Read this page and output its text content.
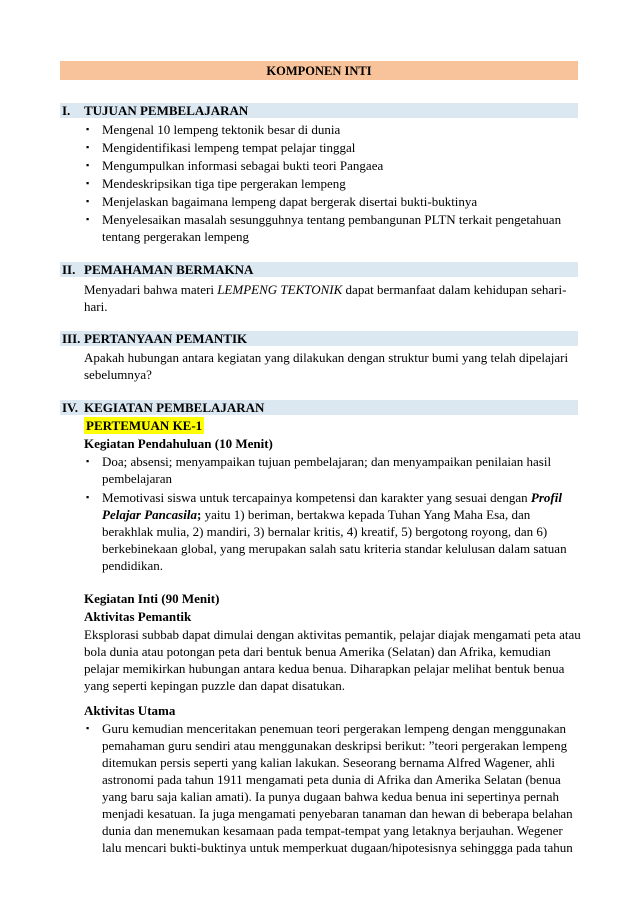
KOMPONEN INTI
I. TUJUAN PEMBELAJARAN
▪ Mengenal 10 lempeng tektonik besar di dunia
▪ Mengidentifikasi lempeng tempat pelajar tinggal
▪ Mengumpulkan informasi sebagai bukti teori Pangaea
▪ Mendeskripsikan tiga tipe pergerakan lempeng
▪ Menjelaskan bagaimana lempeng dapat bergerak disertai bukti-buktinya
▪ Menyelesaikan masalah sesungguhnya tentang pembangunan PLTN terkait pengetahuan
tentang pergerakan lempeng
II. PEMAHAMAN BERMAKNA
Menyadari bahwa materi LEMPENG TEKTONIK dapat bermanfaat dalam kehidupan sehari-
hari.
III. PERTANYAAN PEMANTIK
Apakah hubungan antara kegiatan yang dilakukan dengan struktur bumi yang telah dipelajari
sebelumnya?
IV. KEGIATAN PEMBELAJARAN
PERTEMUAN KE-1
Kegiatan Pendahuluan (10 Menit)
▪ Doa; absensi; menyampaikan tujuan pembelajaran; dan menyampaikan penilaian hasil
pembelajaran
▪ Memotivasi siswa untuk tercapainya kompetensi dan karakter yang sesuai dengan Profil
Pelajar Pancasila; yaitu 1) beriman, bertakwa kepada Tuhan Yang Maha Esa, dan
berakhlak mulia, 2) mandiri, 3) bernalar kritis, 4) kreatif, 5) bergotong royong, dan 6)
berkebinekaan global, yang merupakan salah satu kriteria standar kelulusan dalam satuan
pendidikan.
Kegiatan Inti (90 Menit)
Aktivitas Pemantik
Eksplorasi subbab dapat dimulai dengan aktivitas pemantik, pelajar diajak mengamati peta atau
bola dunia atau potongan peta dari bentuk benua Amerika (Selatan) dan Afrika, kemudian
pelajar memikirkan hubungan antara kedua benua. Diharapkan pelajar melihat bentuk benua
yang seperti kepingan puzzle dan dapat disatukan.
Aktivitas Utama
▪ Guru kemudian menceritakan penemuan teori pergerakan lempeng dengan menggunakan
pemahaman guru sendiri atau menggunakan deskripsi berikut: ”teori pergerakan lempeng
ditemukan persis seperti yang kalian lakukan. Seseorang bernama Alfred Wagener, ahli
astronomi pada tahun 1911 mengamati peta dunia di Afrika dan Amerika Selatan (benua
yang baru saja kalian amati). Ia punya dugaan bahwa kedua benua ini sepertinya pernah
menjadi kesatuan. Ia juga mengamati penyebaran tanaman dan hewan di beberapa belahan
dunia dan menemukan kesamaan pada tempat-tempat yang letaknya berjauhan. Wegener
lalu mencari bukti-buktinya untuk memperkuat dugaan/hipotesisnya sehinggga pada tahun
